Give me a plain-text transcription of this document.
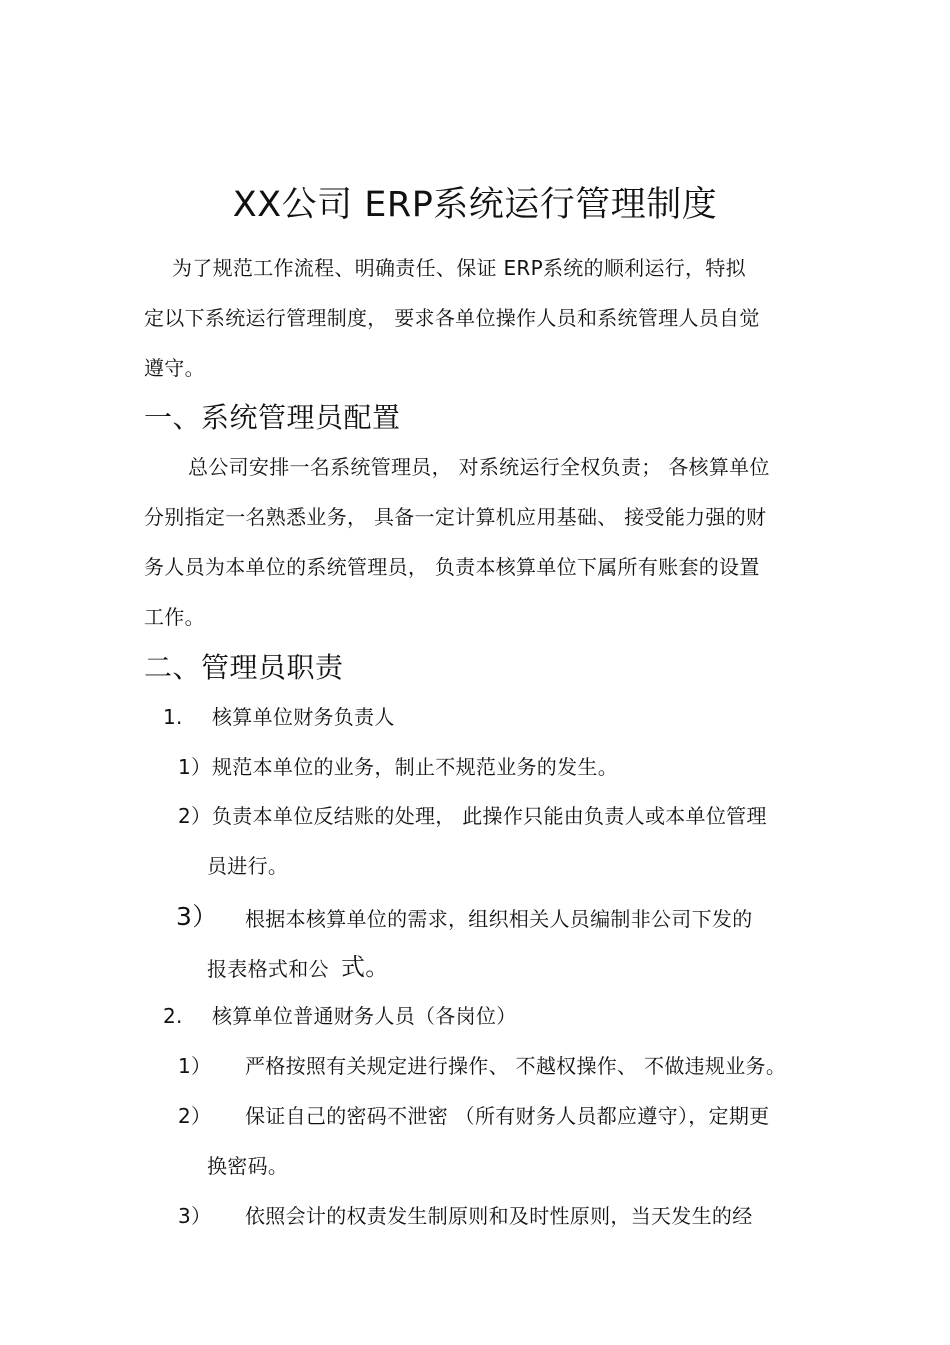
XX公司 ERP系统运行管理制度
为了规范工作流程、明确责任、保证 ERP系统的顺利运行，特拟
定以下系统运行管理制度， 要求各单位操作人员和系统管理人员自觉
遵守。
一、系统管理员配置
总公司安排一名系统管理员， 对系统运行全权负责； 各核算单位
分别指定一名熟悉业务， 具备一定计算机应用基础、 接受能力强的财
务人员为本单位的系统管理员， 负责本核算单位下属所有账套的设置
工作。
二、管理员职责
1. 核算单位财务负责人
1） 规范本单位的业务，制止不规范业务的发生。
2） 负责本单位反结账的处理， 此操作只能由负责人或本单位管理
员进行。
3） 根据本核算单位的需求，组织相关人员编制非公司下发的
报表格式和公 式。
2. 核算单位普通财务人员（各岗位）
1） 严格按照有关规定进行操作、 不越权操作、 不做违规业务。
2） 保证自己的密码不泄密 （所有财务人员都应遵守），定期更
换密码。
3） 依照会计的权责发生制原则和及时性原则，当天发生的经
